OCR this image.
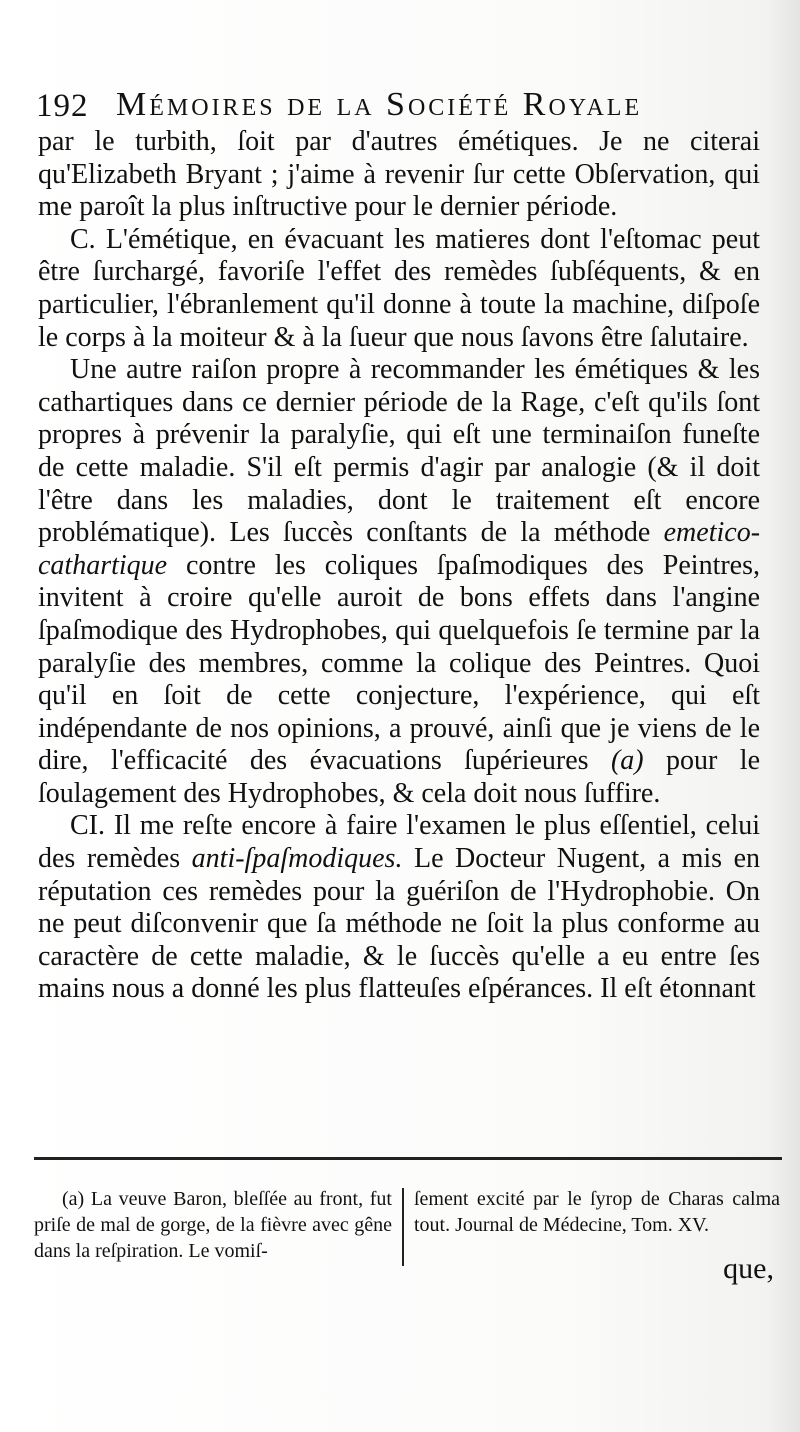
192 Mémoires de la Société Royale

par le turbith, ſoit par d'autres émétiques. Je ne citerai qu'Elizabeth Bryant ; j'aime à revenir ſur cette Obſervation, qui me paroît la plus inſtructive pour le dernier période.

C. L'émétique, en évacuant les matieres dont l'eſtomac peut être ſurchargé, favoriſe l'effet des remèdes ſubſéquents, & en particulier, l'ébranlement qu'il donne à toute la machine, diſpoſe le corps à la moiteur & à la ſueur que nous ſavons être ſalutaire.

Une autre raiſon propre à recommander les émétiques & les cathartiques dans ce dernier période de la Rage, c'eſt qu'ils ſont propres à prévenir la paralyſie, qui eſt une terminaiſon funeſte de cette maladie. S'il eſt permis d'agir par analogie (& il doit l'être dans les maladies, dont le traitement eſt encore problématique). Les ſuccès conſtants de la méthode emetico-cathartique contre les coliques ſpaſmodiques des Peintres, invitent à croire qu'elle auroit de bons effets dans l'angine ſpaſmodique des Hydrophobes, qui quelquefois ſe termine par la paralyſie des membres, comme la colique des Peintres. Quoi qu'il en ſoit de cette conjecture, l'expérience, qui eſt indépendante de nos opinions, a prouvé, ainſi que je viens de le dire, l'efficacité des évacuations ſupérieures (a) pour le ſoulagement des Hydrophobes, & cela doit nous ſuffire.

CI. Il me reſte encore à faire l'examen le plus eſſentiel, celui des remèdes anti-ſpaſmodiques. Le Docteur Nugent, a mis en réputation ces remèdes pour la guériſon de l'Hydrophobie. On ne peut diſconvenir que ſa méthode ne ſoit la plus conforme au caractère de cette maladie, & le ſuccès qu'elle a eu entre ſes mains nous a donné les plus flatteuſes eſpérances. Il eſt étonnant

(a) La veuve Baron, bleſſée au front, fut priſe de mal de gorge, de la fièvre avec gêne dans la reſpiration. Le vomiſ-
ſement excité par le ſyrop de Charas calma tout. Journal de Médecine, Tom. XV.
que,
